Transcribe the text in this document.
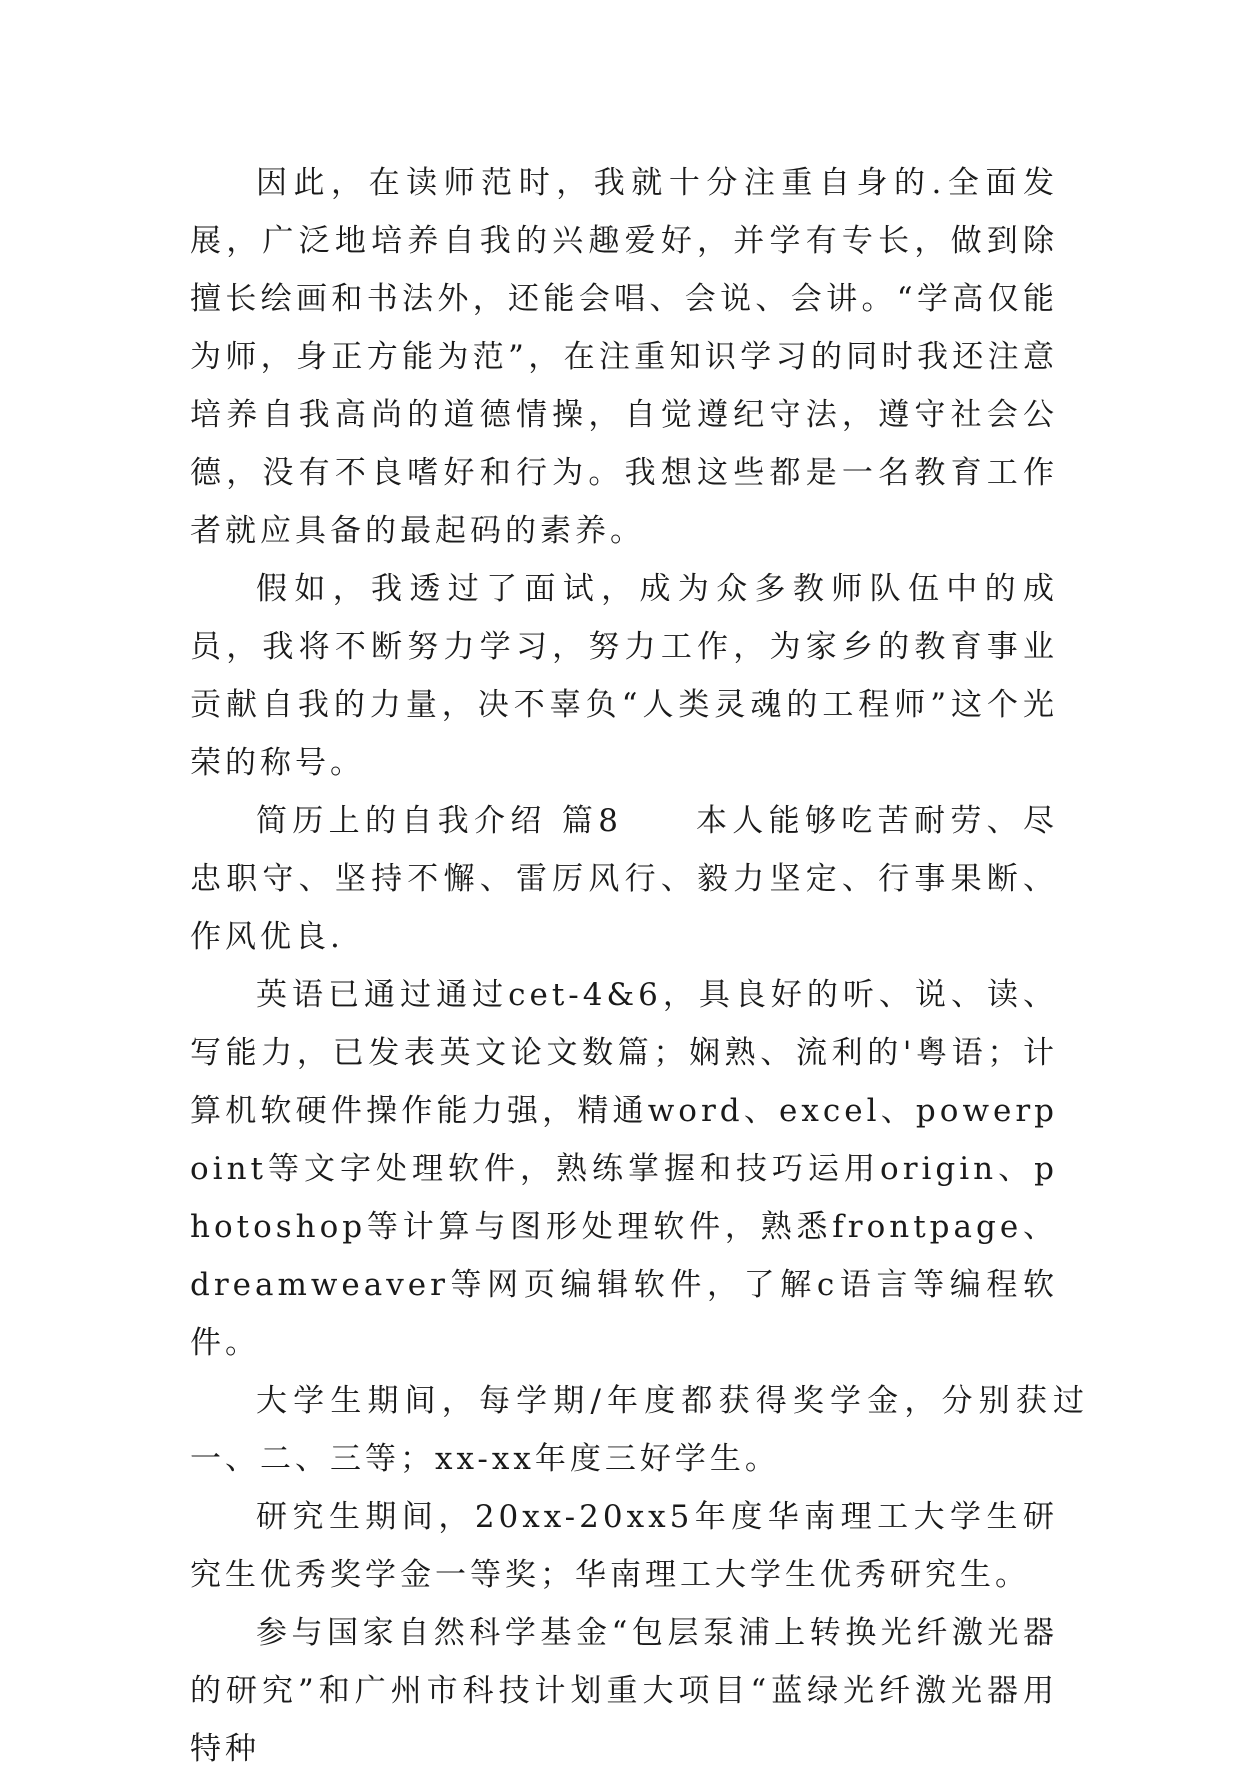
因此，在读师范时，我就十分注重自身的.全面发展，广泛地培养自我的兴趣爱好，并学有专长，做到除擅长绘画和书法外，还能会唱、会说、会讲。“学高仅能为师，身正方能为范”，在注重知识学习的同时我还注意培养自我高尚的道德情操，自觉遵纪守法，遵守社会公德，没有不良嗜好和行为。我想这些都是一名教育工作者就应具备的最起码的素养。

假如，我透过了面试，成为众多教师队伍中的成员，我将不断努力学习，努力工作，为家乡的教育事业贡献自我的力量，决不辜负“人类灵魂的工程师”这个光荣的称号。

简历上的自我介绍 篇8　　本人能够吃苦耐劳、尽忠职守、坚持不懈、雷厉风行、毅力坚定、行事果断、作风优良.

英语已通过通过cet-4&6，具良好的听、说、读、写能力，已发表英文论文数篇；娴熟、流利的'粤语；计算机软硬件操作能力强，精通word、excel、powerpoint等文字处理软件，熟练掌握和技巧运用origin、photoshop等计算与图形处理软件，熟悉frontpage、dreamweaver等网页编辑软件，了解c语言等编程软件。

大学生期间，每学期/年度都获得奖学金，分别获过一、二、三等；xx-xx年度三好学生。

研究生期间，20xx-20xx5年度华南理工大学生研究生优秀奖学金一等奖；华南理工大学生优秀研究生。

参与国家自然科学基金“包层泵浦上转换光纤激光器的研究”和广州市科技计划重大项目“蓝绿光纤激光器用特种
